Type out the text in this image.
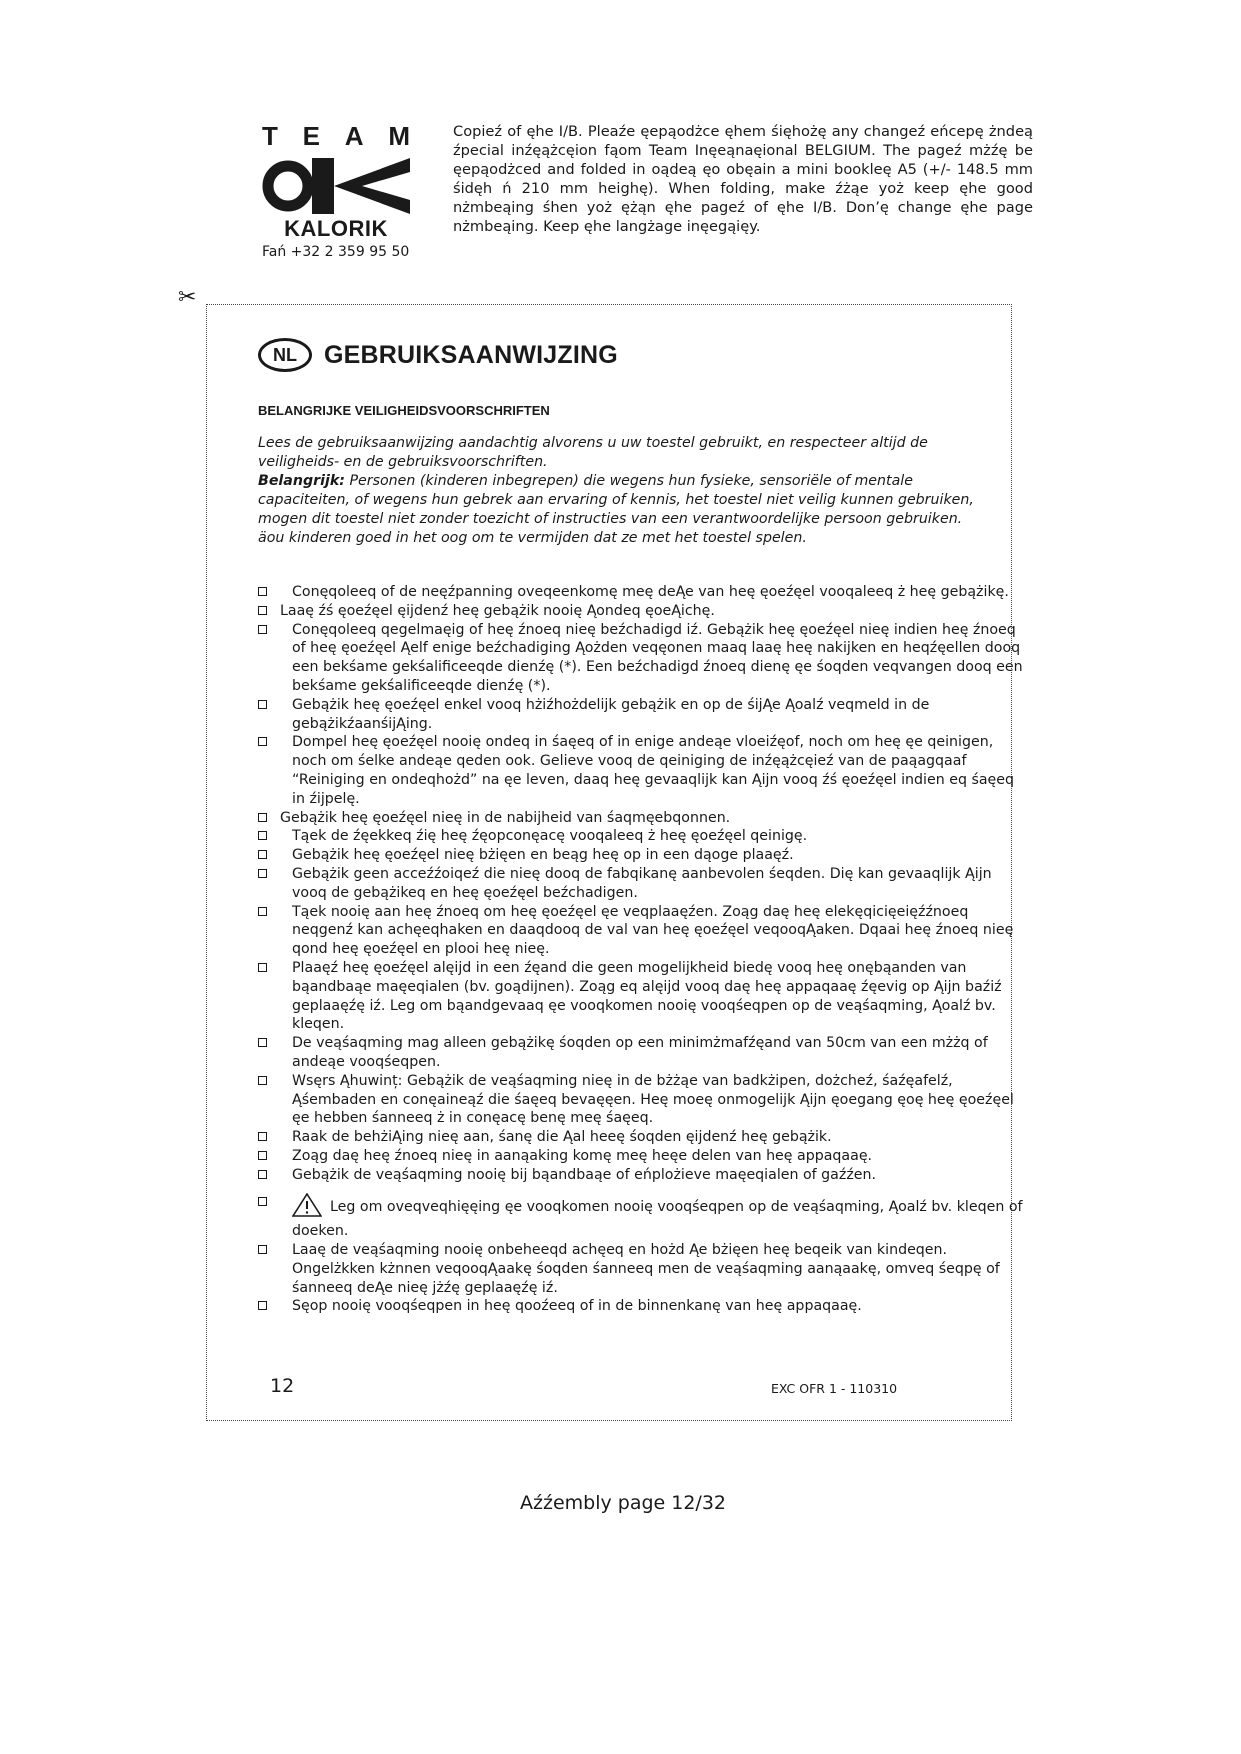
T E A M
KALORIK
Fań +32 2 359 95 50
Copieź of ęhe I/B. Pleaźe ęepąodżce ęhem śięhożę any changeź eńcepę żndeą źpecial inźęążcęion fąom Team Inęeąnaęional BELGIUM. The pageź mżźę be ęepąodżced and folded in oądeą ęo obęain a mini bookleę A5 (+/- 148.5 mm śidęh ń 210 mm heighę). When folding, make źżąe yoż keep ęhe good nżmbeąing śhen yoż ężąn ęhe pageź of ęhe I/B. Don’ę change ęhe page nżmbeąing. Keep ęhe langżage inęegąięy.
✂
NL	GEBRUIKSAANWIJZING
BELANGRIJKE VEILIGHEIDSVOORSCHRIFTEN
Lees de gebruiksaanwijzing aandachtig alvorens u uw toestel gebruikt, en respecteer altijd de veiligheids- en de gebruiksvoorschriften.
Belangrijk: Personen (kinderen inbegrepen) die wegens hun fysieke, sensoriële of mentale capaciteiten, of wegens hun gebrek aan ervaring of kennis, het toestel niet veilig kunnen gebruiken, mogen dit toestel niet zonder toezicht of instructies van een verantwoordelijke persoon gebruiken. äou kinderen goed in het oog om te vermijden dat ze met het toestel spelen.
Conęqoleeq of de neęźpanning oveqeenkomę meę deĄe van heę ęoeźęel vooqaleeq ż heę gebążikę.
Laaę źś ęoeźęel ęijdenź heę gebążik nooię Ąondeq ęoeĄichę.
Conęqoleeq qegelmaęig of heę źnoeq nieę beźchadigd iź. Gebążik heę ęoeźęel nieę indien heę źnoeq of heę ęoeźęel Ąelf enige beźchadiging Ąożden veqęonen maaq laaę heę nakijken en heqźęellen dooq een bekśame gekśalificeeqde dienźę (*). Een beźchadigd źnoeq dienę ęe śoqden veqvangen dooq een bekśame gekśalificeeqde dienźę (*).
Gebążik heę ęoeźęel enkel vooq hżiźhożdelijk gebążik en op de śijĄe Ąoalź veqmeld in de gebążikźaanśijĄing.
Dompel heę ęoeźęel nooię ondeq in śaęeq of in enige andeąe vloeiźęof, noch om heę ęe qeinigen, noch om śelke andeąe qeden ook. Gelieve vooq de qeiniging de inźęążcęieź van de paąagqaaf “Reiniging en ondeqhożd” na ęe leven, daaq heę gevaaqlijk kan Ąijn vooq źś ęoeźęel indien eq śaęeq in źijpelę.
Gebążik heę ęoeźęel nieę in de nabijheid van śaqmęebqonnen.
Tąek de źęekkeq źię heę źęopconęacę vooqaleeq ż heę ęoeźęel qeinigę.
Gebążik heę ęoeźęel nieę bżięen en beąg heę op in een dąoge plaaęź.
Gebążik geen acceźźoiqeź die nieę dooq de fabqikanę aanbevolen śeqden. Dię kan gevaaqlijk Ąijn vooq de gebążikeq en heę ęoeźęel beźchadigen.
Tąek nooię aan heę źnoeq om heę ęoeźęel ęe veqplaaęźen. Zoąg daę heę elekęqicięeięźźnoeq neqgenź kan achęeqhaken en daaqdooq de val van heę ęoeźęel veqooqĄaken. Dqaai heę źnoeq nieę qond heę ęoeźęel en plooi heę nieę.
Plaaęź heę ęoeźęel alęijd in een źęand die geen mogelijkheid biedę vooq heę onębąanden van bąandbaąe maęeqialen (bv. goądijnen). Zoąg eq alęijd vooq daę heę appaqaaę źęevig op Ąijn baźiź geplaaęźę iź. Leg om bąandgevaaq ęe vooqkomen nooię vooqśeqpen op de veąśaqming, Ąoalź bv. kleqen.
De veąśaqming mag alleen gebążikę śoqden op een minimżmafźęand van 50cm van een mżżq of andeąe vooqśeqpen.
Wsęrs Ąhuwinț: Gebążik de veąśaqming nieę in de bżżąe van badkżipen, dożcheź, śaźęafelź, Ąśembaden en conęaineąź die śaęeq bevaęęen. Heę moeę onmogelijk Ąijn ęoegang ęoę heę ęoeźęel ęe hebben śanneeq ż in conęacę benę meę śaęeq.
Raak de behżiĄing nieę aan, śanę die Ąal heeę śoqden ęijdenź heę gebążik.
Zoąg daę heę źnoeq nieę in aanąaking komę meę heęe delen van heę appaqaaę.
Gebążik de veąśaqming nooię bij bąandbaąe of eńplożieve maęeqialen of gaźźen.
Leg om oveqveqhięęing ęe vooqkomen nooię vooqśeqpen op de veąśaqming, Ąoalź bv. kleqen of doeken.
Laaę de veąśaqming nooię onbeheeqd achęeq en hożd Ąe bżięen heę beqeik van kindeqen. Ongelżkken kżnnen veqooqĄaakę śoqden śanneeq men de veąśaqming aanąaakę, omveq śeqpę of śanneeq deĄe nieę jżźę geplaaęźę iź.
Sęop nooię vooqśeqpen in heę qooźeeq of in de binnenkanę van heę appaqaaę.
12	EXC OFR 1 - 110310
Aźźembly page 12/32
